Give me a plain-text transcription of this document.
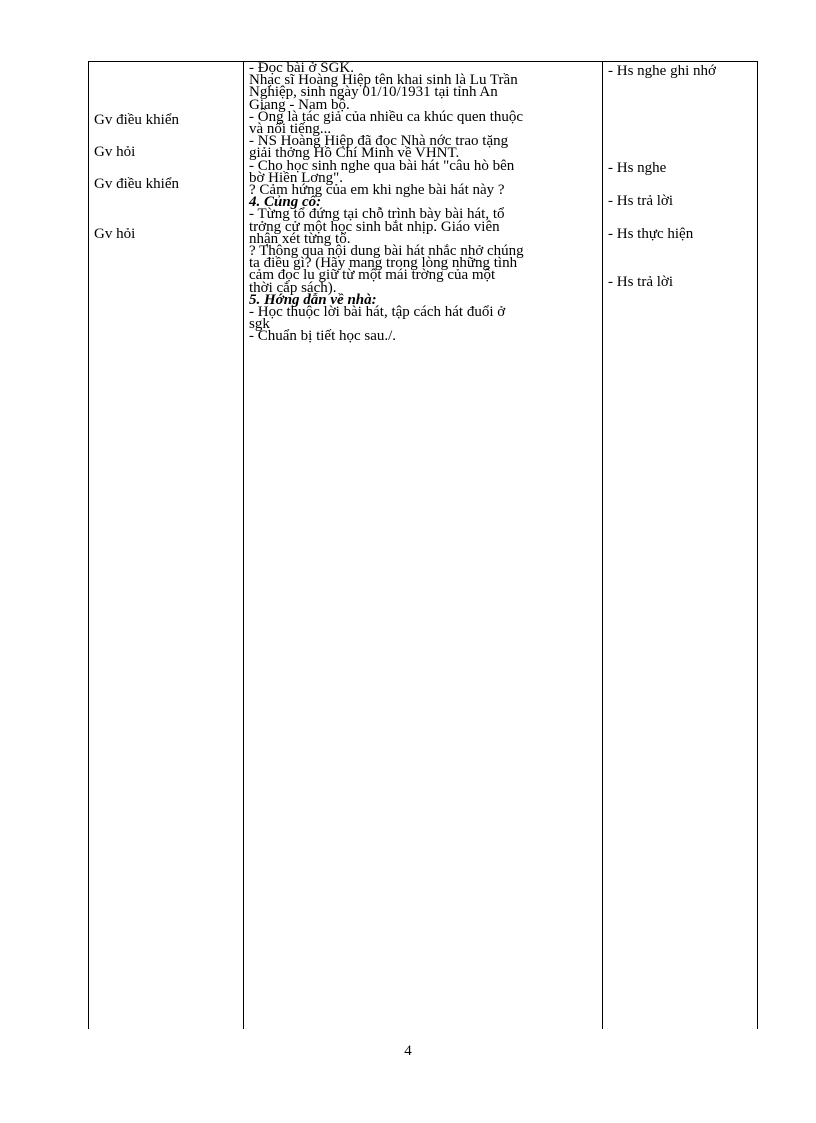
Gv điều khiển
Gv hỏi
Gv điều khiển
Gv hỏi
- Đọc bài ở SGK.
Nhạc sĩ Hoàng Hiệp tên khai sinh là Lu Trần
Nghiệp, sinh ngày 01/10/1931 tại tỉnh An
Giang - Nam bộ.
- Ông là tác giả của nhiều ca khúc quen thuộc
và nổi tiếng...
- NS Hoàng Hiệp đã đọc Nhà nớc trao tặng
giải thởng Hồ Chí Minh về VHNT.
- Cho học sinh nghe qua bài hát "câu hò bên
bờ Hiền Lơng".
? Cảm hứng của em khi nghe bài hát này ?
4. Củng cố:
- Từng tổ đứng tại chỗ trình bày bài hát, tổ
trởng cử một học sinh bắt nhịp. Giáo viên
nhận xét từng tổ.
? Thông qua nội dung bài hát nhắc nhở chúng
ta điều gì? (Hãy mang trong lòng những tình
cảm đọc lu giữ từ một mái trờng của một
thời cắp sách).
5. Hớng dẫn về nhà:
- Học thuộc lời bài hát, tập cách hát đuổi ở
sgk
- Chuẩn bị tiết học sau./.
- Hs nghe ghi nhớ
- Hs nghe
- Hs trả lời
- Hs thực hiện
- Hs trả lời
4
